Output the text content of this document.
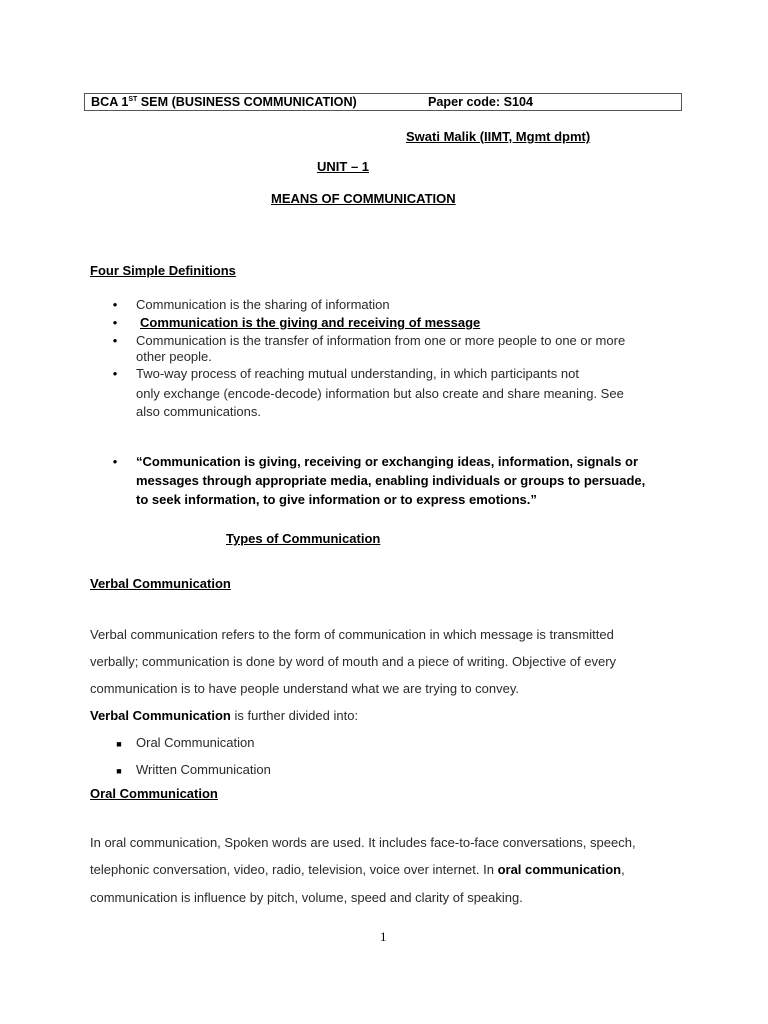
BCA 1ST SEM (BUSINESS COMMUNICATION)	Paper code: S104
Swati Malik (IIMT, Mgmt dpmt)
UNIT – 1
MEANS OF COMMUNICATION
Four Simple Definitions
• Communication is the sharing of information
• Communication is the giving and receiving of message
• Communication is the transfer of information from one or more people to one or more
other people.
• Two-way process of reaching mutual understanding, in which participants not
only exchange (encode-decode) information but also create and share meaning. See
also communications.
• “Communication is giving, receiving or exchanging ideas, information, signals or
messages through appropriate media, enabling individuals or groups to persuade,
to seek information, to give information or to express emotions.”
Types of Communication
Verbal Communication
Verbal communication refers to the form of communication in which message is transmitted
verbally; communication is done by word of mouth and a piece of writing. Objective of every
communication is to have people understand what we are trying to convey.
Verbal Communication is further divided into:
■ Oral Communication
■ Written Communication
Oral Communication
In oral communication, Spoken words are used. It includes face-to-face conversations, speech,
telephonic conversation, video, radio, television, voice over internet. In oral communication,
communication is influence by pitch, volume, speed and clarity of speaking.
1
